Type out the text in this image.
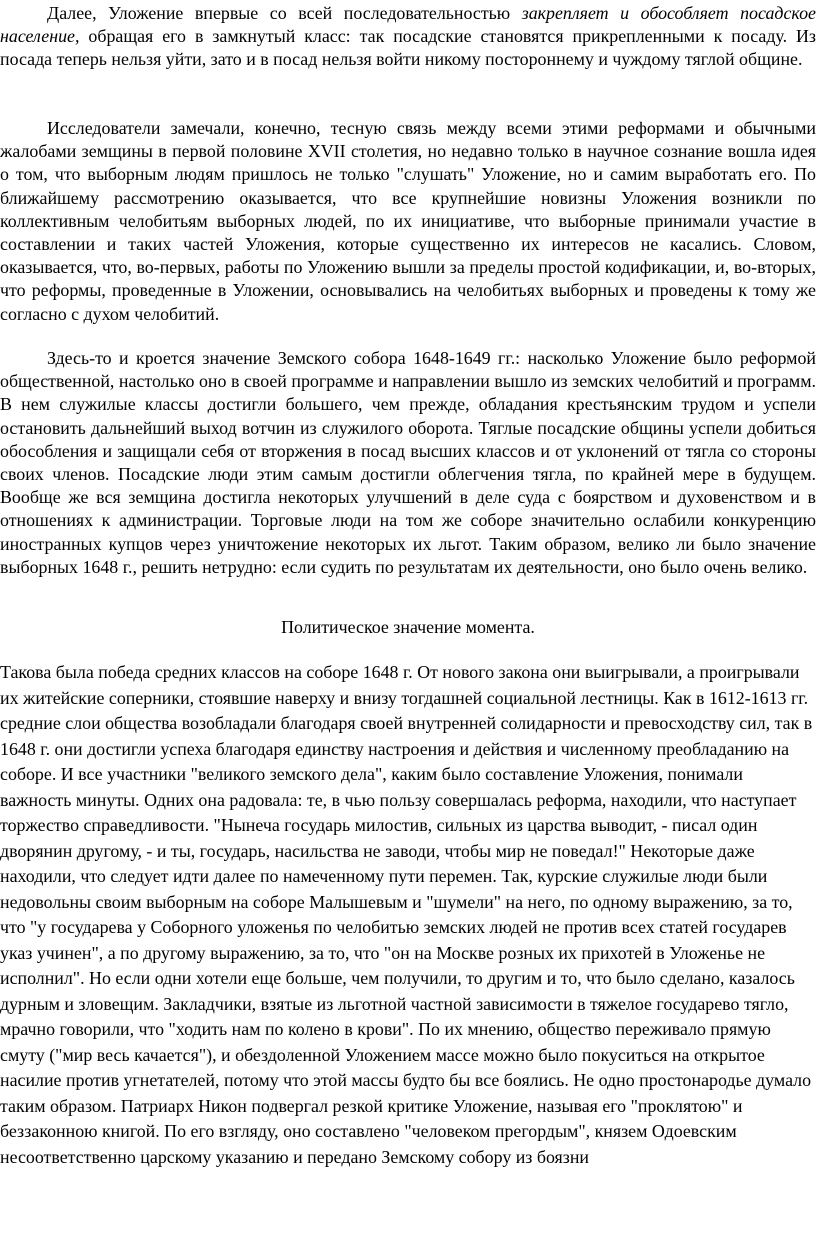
Далее, Уложение впервые со всей последовательностью закрепляет и обособляет посадское население, обращая его в замкнутый класс: так посадские становятся прикрепленными к посаду. Из посада теперь нельзя уйти, зато и в посад нельзя войти никому постороннему и чуждому тяглой общине.

Исследователи замечали, конечно, тесную связь между всеми этими реформами и обычными жалобами земщины в первой половине XVII столетия, но недавно только в научное сознание вошла идея о том, что выборным людям пришлось не только "слушать" Уложение, но и самим выработать его. По ближайшему рассмотрению оказывается, что все крупнейшие новизны Уложения возникли по коллективным челобитьям выборных людей, по их инициативе, что выборные принимали участие в составлении и таких частей Уложения, которые существенно их интересов не касались. Словом, оказывается, что, во-первых, работы по Уложению вышли за пределы простой кодификации, и, во-вторых, что реформы, проведенные в Уложении, основывались на челобитьях выборных и проведены к тому же согласно с духом челобитий.

Здесь-то и кроется значение Земского собора 1648-1649 гг.: насколько Уложение было реформой общественной, настолько оно в своей программе и направлении вышло из земских челобитий и программ. В нем служилые классы достигли большего, чем прежде, обладания крестьянским трудом и успели остановить дальнейший выход вотчин из служилого оборота. Тяглые посадские общины успели добиться обособления и защищали себя от вторжения в посад высших классов и от уклонений от тягла со стороны своих членов. Посадские люди этим самым достигли облегчения тягла, по крайней мере в будущем. Вообще же вся земщина достигла некоторых улучшений в деле суда с боярством и духовенством и в отношениях к администрации. Торговые люди на том же соборе значительно ослабили конкуренцию иностранных купцов через уничтожение некоторых их льгот. Таким образом, велико ли было значение выборных 1648 г., решить нетрудно: если судить по результатам их деятельности, оно было очень велико.

Политическое значение момента.

Такова была победа средних классов на соборе 1648 г. От нового закона они выигрывали, а проигрывали их житейские соперники, стоявшие наверху и внизу тогдашней социальной лестницы. Как в 1612-1613 гг. средние слои общества возобладали благодаря своей внутренней солидарности и превосходству сил, так в 1648 г. они достигли успеха благодаря единству настроения и действия и численному преобладанию на соборе. И все участники "великого земского дела", каким было составление Уложения, понимали важность минуты. Одних она радовала: те, в чью пользу совершалась реформа, находили, что наступает торжество справедливости. "Нынеча государь милостив, сильных из царства выводит, - писал один дворянин другому, - и ты, государь, насильства не заводи, чтобы мир не поведал!" Некоторые даже находили, что следует идти далее по намеченному пути перемен. Так, курские служилые люди были недовольны своим выборным на соборе Малышевым и "шумели" на него, по одному выражению, за то, что "у государева у Соборного уложенья по челобитью земских людей не против всех статей государев указ учинен", а по другому выражению, за то, что "он на Москве розных их прихотей в Уложенье не исполнил". Но если одни хотели еще больше, чем получили, то другим и то, что было сделано, казалось дурным и зловещим. Закладчики, взятые из льготной частной зависимости в тяжелое государево тягло, мрачно говорили, что "ходить нам по колено в крови". По их мнению, общество переживало прямую смуту ("мир весь качается"), и обездоленной Уложением массе можно было покуситься на открытое насилие против угнетателей, потому что этой массы будто бы все боялись. Не одно простонародье думало таким образом. Патриарх Никон подвергал резкой критике Уложение, называя его "проклятою" и беззаконною книгой. По его взгляду, оно составлено "человеком прегордым", князем Одоевским несоответственно царскому указанию и передано Земскому собору из боязни
